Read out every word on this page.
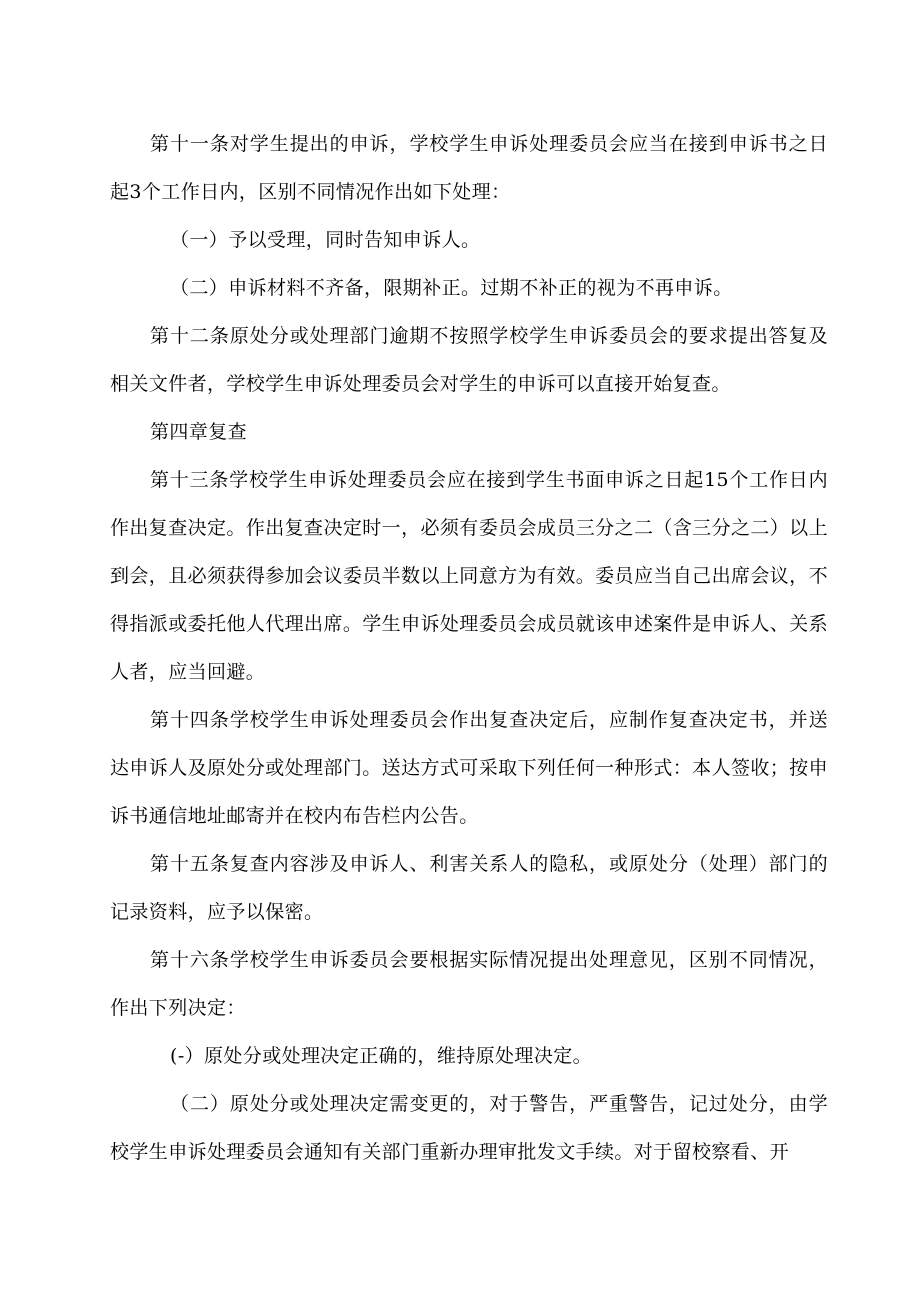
第十一条对学生提出的申诉，学校学生申诉处理委员会应当在接到申诉书之日起3个工作日内，区别不同情况作出如下处理：

（一）予以受理，同时告知申诉人。

（二）申诉材料不齐备，限期补正。过期不补正的视为不再申诉。

第十二条原处分或处理部门逾期不按照学校学生申诉委员会的要求提出答复及相关文件者，学校学生申诉处理委员会对学生的申诉可以直接开始复查。

第四章复查

第十三条学校学生申诉处理委员会应在接到学生书面申诉之日起15个工作日内作出复查决定。作出复查决定时一，必须有委员会成员三分之二（含三分之二）以上到会，且必须获得参加会议委员半数以上同意方为有效。委员应当自己出席会议，不得指派或委托他人代理出席。学生申诉处理委员会成员就该申述案件是申诉人、关系人者，应当回避。

第十四条学校学生申诉处理委员会作出复查决定后，应制作复查决定书，并送达申诉人及原处分或处理部门。送达方式可采取下列任何一种形式：本人签收；按申诉书通信地址邮寄并在校内布告栏内公告。

第十五条复查内容涉及申诉人、利害关系人的隐私，或原处分（处理）部门的记录资料，应予以保密。

第十六条学校学生申诉委员会要根据实际情况提出处理意见，区别不同情况，作出下列决定：

(-）原处分或处理决定正确的，维持原处理决定。

（二）原处分或处理决定需变更的，对于警告，严重警告，记过处分，由学校学生申诉处理委员会通知有关部门重新办理审批发文手续。对于留校察看、开
